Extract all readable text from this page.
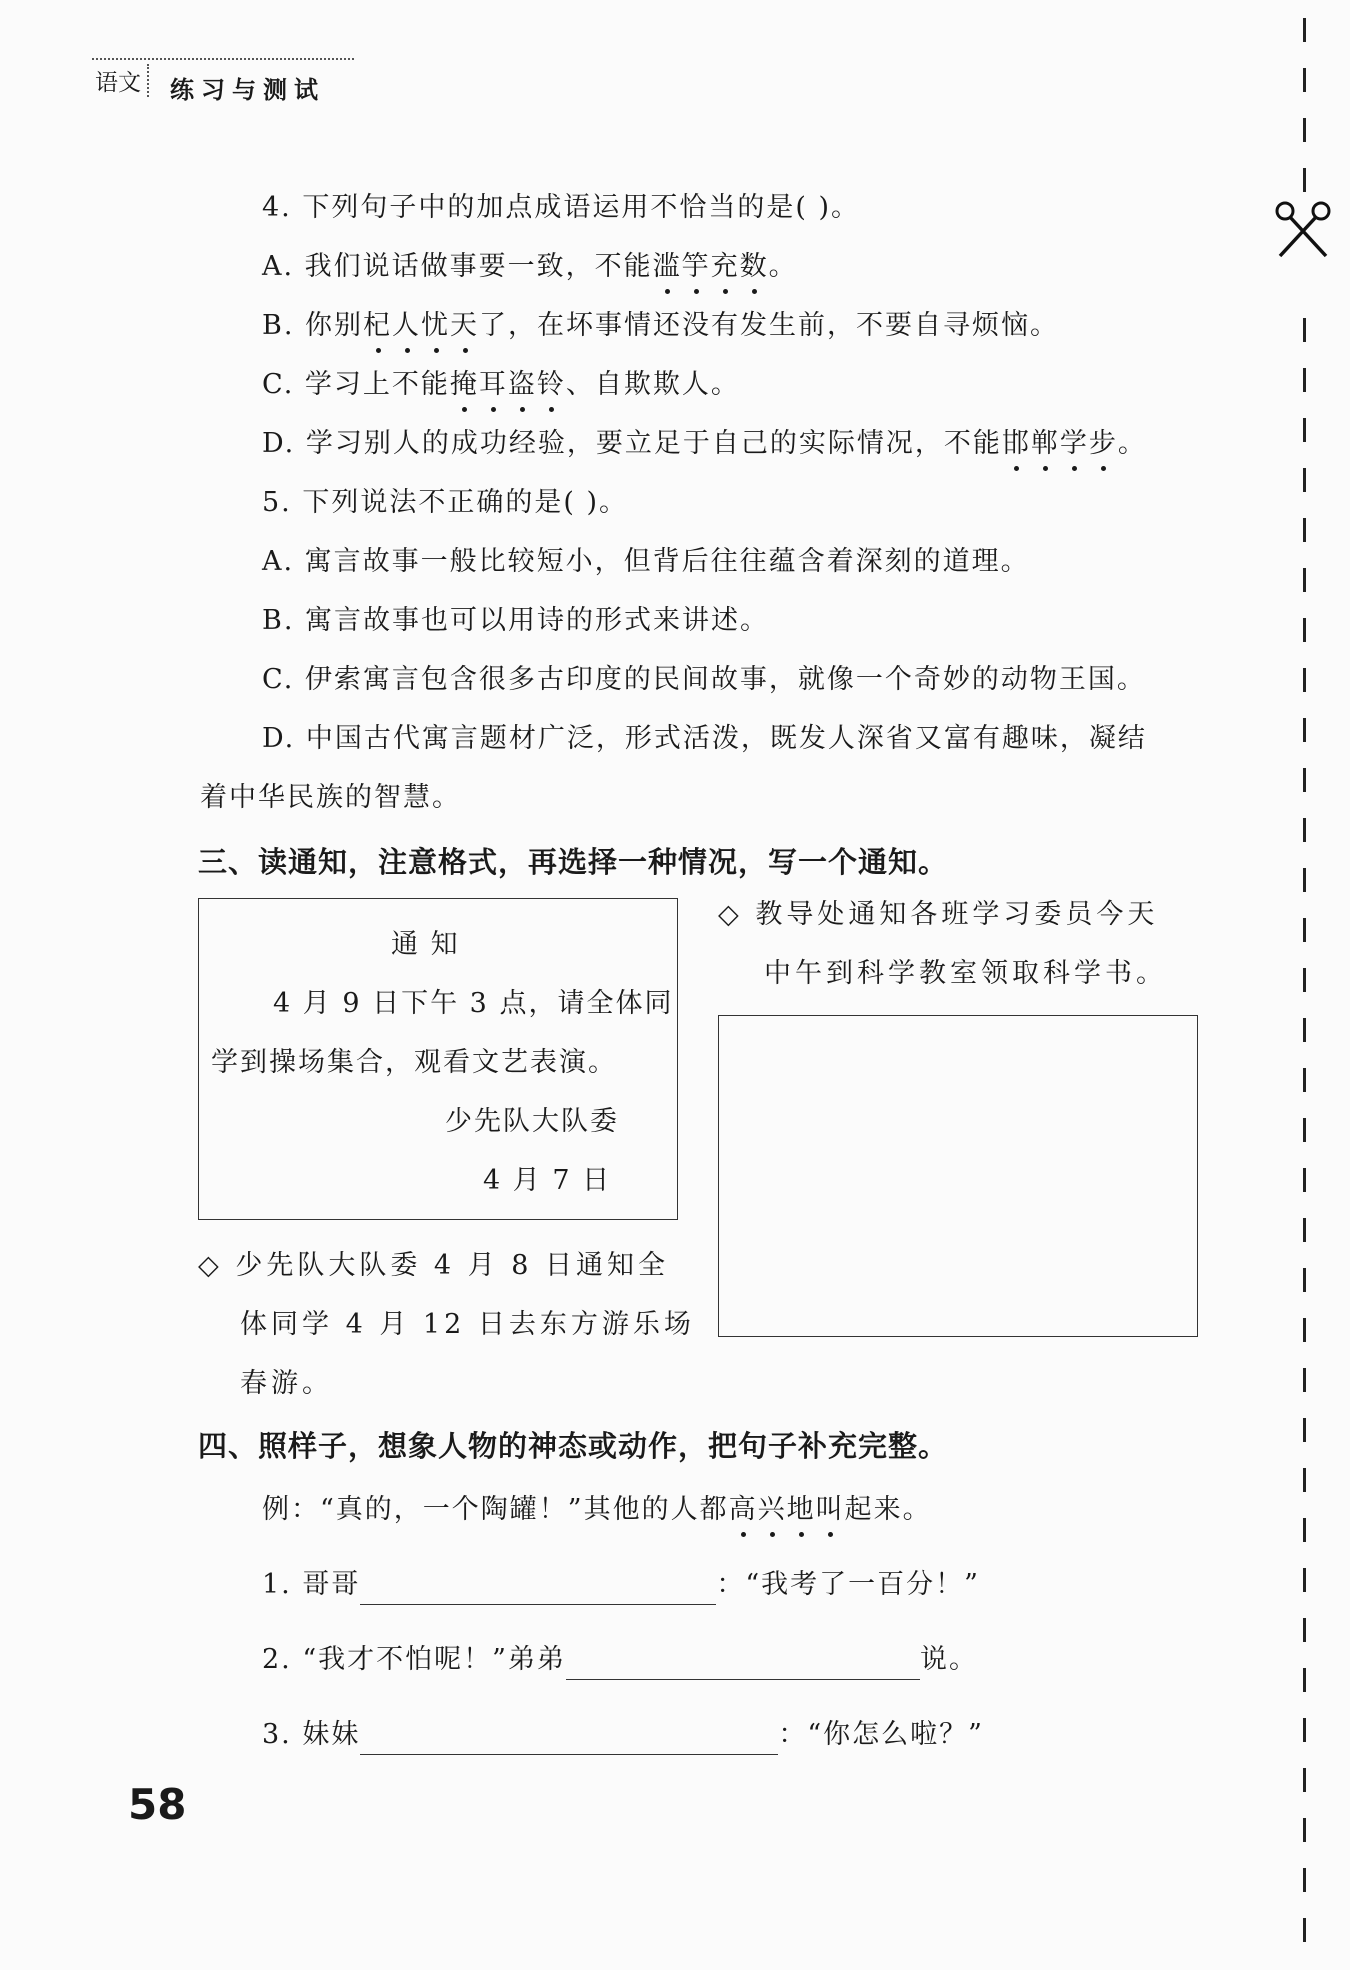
语文	练习与测试
4. 下列句子中的加点成语运用不恰当的是( )。
A. 我们说话做事要一致，不能滥竽充数。
B. 你别杞人忧天了，在坏事情还没有发生前，不要自寻烦恼。
C. 学习上不能掩耳盗铃、自欺欺人。
D. 学习别人的成功经验，要立足于自己的实际情况，不能邯郸学步。
5. 下列说法不正确的是( )。
A. 寓言故事一般比较短小，但背后往往蕴含着深刻的道理。
B. 寓言故事也可以用诗的形式来讲述。
C. 伊索寓言包含很多古印度的民间故事，就像一个奇妙的动物王国。
D. 中国古代寓言题材广泛，形式活泼，既发人深省又富有趣味，凝结
着中华民族的智慧。
三、读通知，注意格式，再选择一种情况，写一个通知。
通 知
4 月 9 日下午 3 点，请全体同
学到操场集合，观看文艺表演。
少先队大队委
4 月 7 日
◇ 教导处通知各班学习委员今天
中午到科学教室领取科学书。
◇ 少先队大队委 4 月 8 日通知全
体同学 4 月 12 日去东方游乐场
春游。
四、照样子，想象人物的神态或动作，把句子补充完整。
例：“真的，一个陶罐！”其他的人都高兴地叫起来。
1. 哥哥	：“我考了一百分！”
2. “我才不怕呢！”弟弟	说。
3. 妹妹	：“你怎么啦？”
58
